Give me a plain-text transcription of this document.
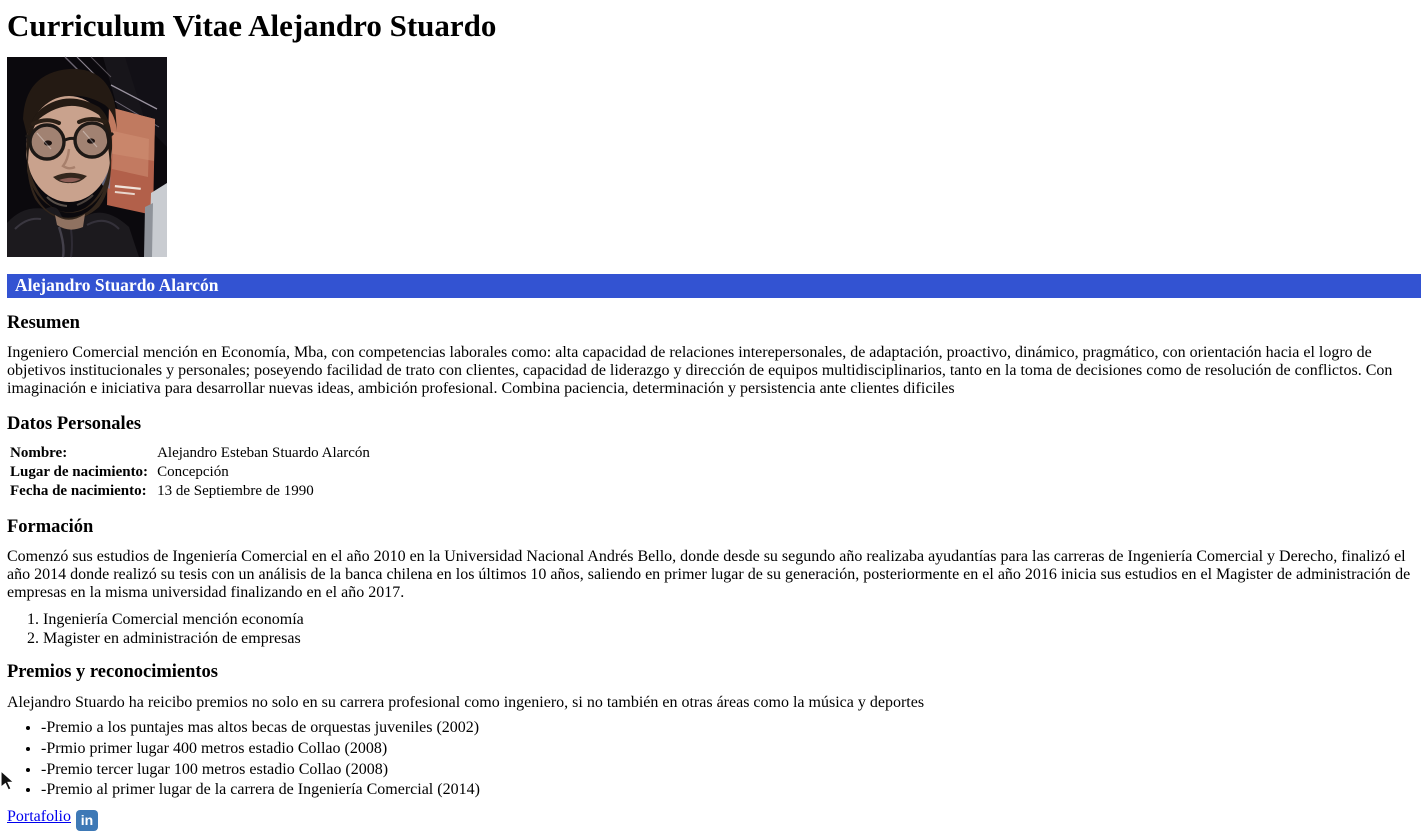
Curriculum Vitae Alejandro Stuardo
Alejandro Stuardo Alarcón
Resumen

Ingeniero Comercial mención en Economía, Mba, con competencias laborales como: alta capacidad de relaciones interepersonales, de adaptación, proactivo, dinámico, pragmático, con orientación hacia el logro de objetivos institucionales y personales; poseyendo facilidad de trato con clientes, capacidad de liderazgo y dirección de equipos multidisciplinarios, tanto en la toma de decisiones como de resolución de conflictos. Con imaginación e iniciativa para desarrollar nuevas ideas, ambición profesional. Combina paciencia, determinación y persistencia ante clientes dificiles

Datos Personales
Nombre:	Alejandro Esteban Stuardo Alarcón
Lugar de nacimiento:	Concepción
Fecha de nacimiento:	13 de Septiembre de 1990
Formación

Comenzó sus estudios de Ingeniería Comercial en el año 2010 en la Universidad Nacional Andrés Bello, donde desde su segundo año realizaba ayudantías para las carreras de Ingeniería Comercial y Derecho, finalizó el año 2014 donde realizó su tesis con un análisis de la banca chilena en los últimos 10 años, saliendo en primer lugar de su generación, posteriormente en el año 2016 inicia sus estudios en el Magister de administración de empresas en la misma universidad finalizando en el año 2017.

1. Ingeniería Comercial mención economía
2. Magister en administración de empresas
Premios y reconocimientos

Alejandro Stuardo ha reicibo premios no solo en su carrera profesional como ingeniero, si no también en otras áreas como la música y deportes

• -Premio a los puntajes mas altos becas de orquestas juveniles (2002)
• -Prmio primer lugar 400 metros estadio Collao (2008)
• -Premio tercer lugar 100 metros estadio Collao (2008)
• -Premio al primer lugar de la carrera de Ingeniería Comercial (2014)

Portafolio in
